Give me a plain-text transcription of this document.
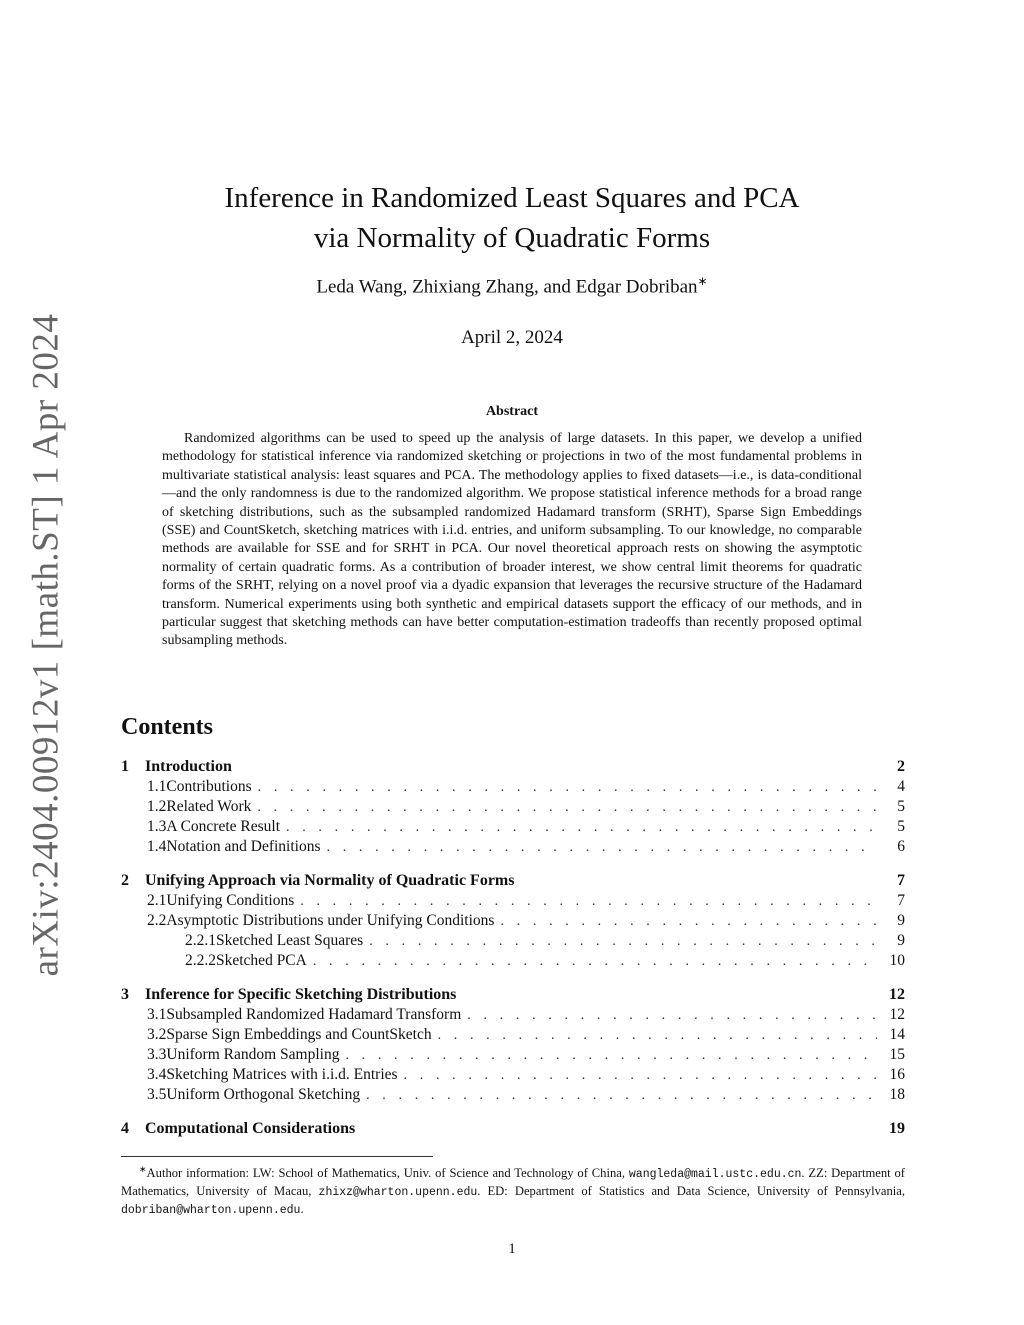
arXiv:2404.00912v1 [math.ST] 1 Apr 2024
Inference in Randomized Least Squares and PCA
via Normality of Quadratic Forms
Leda Wang, Zhixiang Zhang, and Edgar Dobriban∗
April 2, 2024
Abstract
Randomized algorithms can be used to speed up the analysis of large datasets. In this paper, we develop a unified methodology for statistical inference via randomized sketching or projections in two of the most fundamental problems in multivariate statistical analysis: least squares and PCA. The methodology applies to fixed datasets—i.e., is data-conditional—and the only randomness is due to the randomized algorithm. We propose statistical inference methods for a broad range of sketching distributions, such as the subsampled randomized Hadamard transform (SRHT), Sparse Sign Embeddings (SSE) and CountSketch, sketching matrices with i.i.d. entries, and uniform subsampling. To our knowledge, no comparable methods are available for SSE and for SRHT in PCA. Our novel theoretical approach rests on showing the asymptotic normality of certain quadratic forms. As a contribution of broader interest, we show central limit theorems for quadratic forms of the SRHT, relying on a novel proof via a dyadic expansion that leverages the recursive structure of the Hadamard transform. Numerical experiments using both synthetic and empirical datasets support the efficacy of our methods, and in particular suggest that sketching methods can have better computation-estimation tradeoffs than recently proposed optimal subsampling methods.
Contents
1	Introduction	2
1.1 Contributions . . .	4
1.2 Related Work . . .	5
1.3 A Concrete Result . . .	5
1.4 Notation and Definitions . . .	6
2	Unifying Approach via Normality of Quadratic Forms	7
2.1 Unifying Conditions . . .	7
2.2 Asymptotic Distributions under Unifying Conditions . . .	9
2.2.1 Sketched Least Squares . . .	9
2.2.2 Sketched PCA . . .	10
3	Inference for Specific Sketching Distributions	12
3.1 Subsampled Randomized Hadamard Transform . . .	12
3.2 Sparse Sign Embeddings and CountSketch . . .	14
3.3 Uniform Random Sampling . . .	15
3.4 Sketching Matrices with i.i.d. Entries . . .	16
3.5 Uniform Orthogonal Sketching . . .	18
4	Computational Considerations	19
∗Author information: LW: School of Mathematics, Univ. of Science and Technology of China, wangleda@mail.ustc.edu.cn. ZZ: Department of Mathematics, University of Macau, zhixz@wharton.upenn.edu. ED: Department of Statistics and Data Science, University of Pennsylvania, dobriban@wharton.upenn.edu.
1
